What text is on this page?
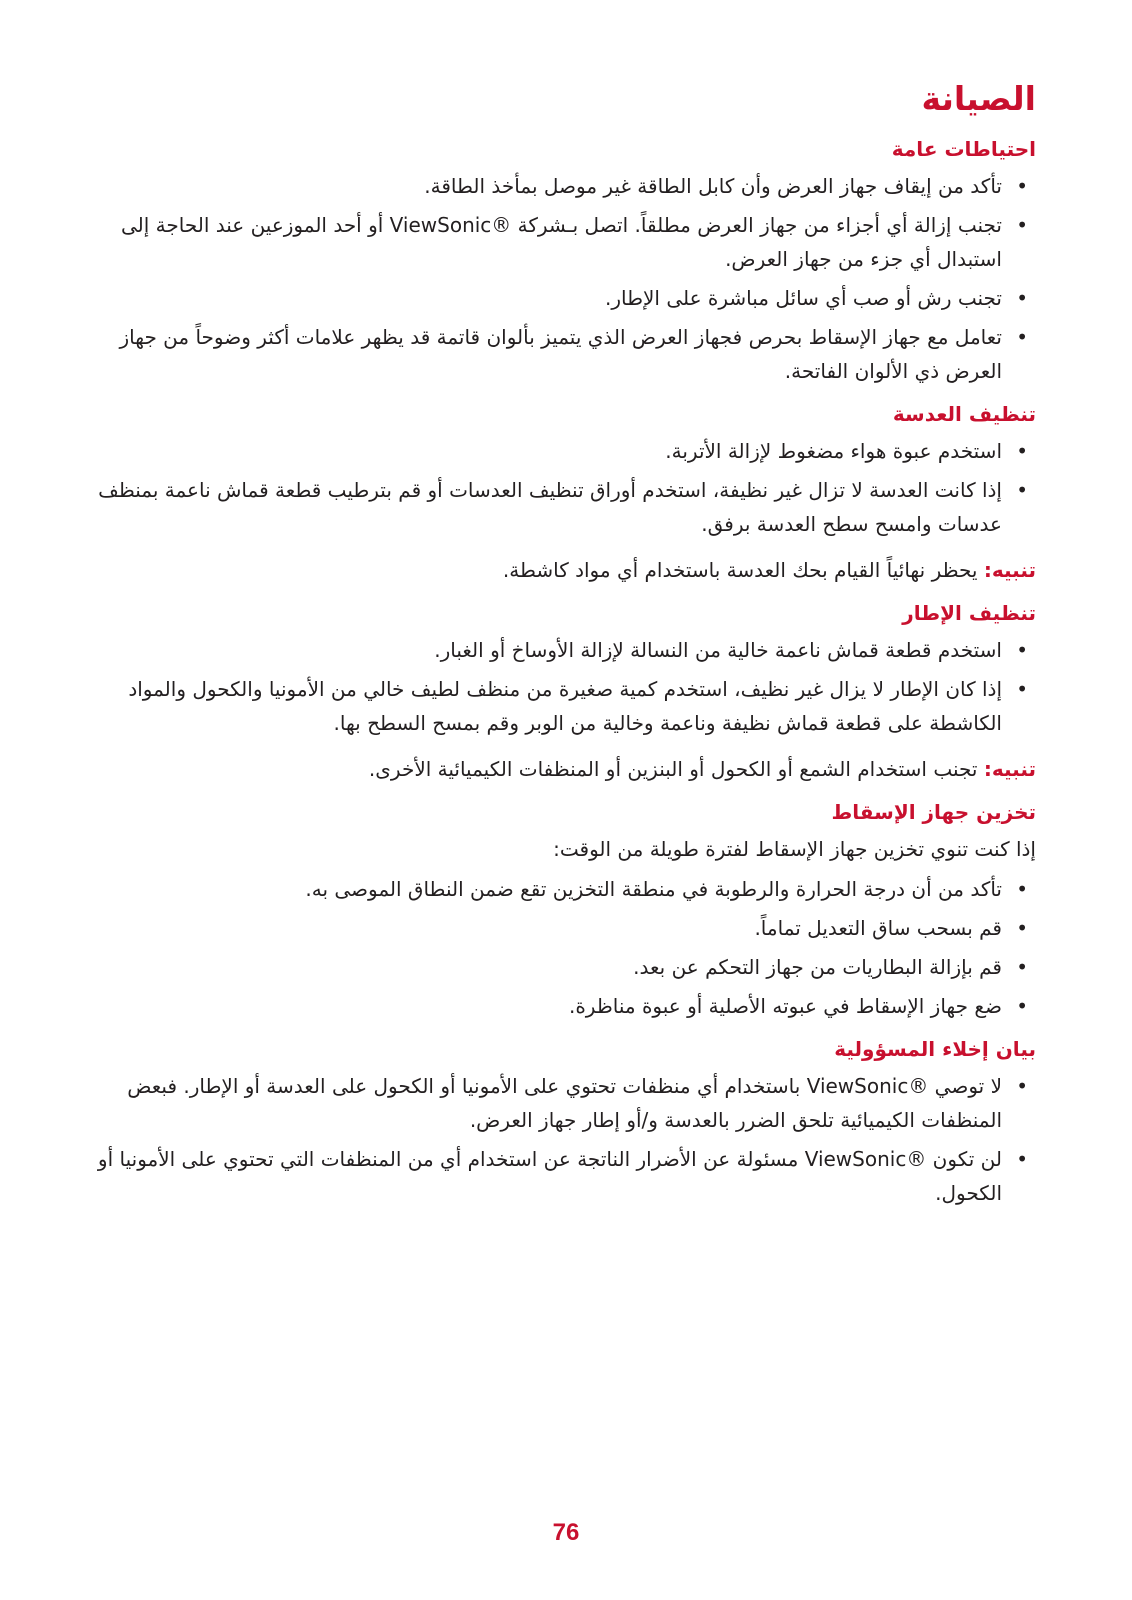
الصيانة
احتياطات عامة
• تأكد من إيقاف جهاز العرض وأن كابل الطاقة غير موصل بمأخذ الطاقة.
• تجنب إزالة أي أجزاء من جهاز العرض مطلقاً. اتصل بـشركة ®ViewSonic أو أحد الموزعين عند الحاجة إلى استبدال أي جزء من جهاز العرض.
• تجنب رش أو صب أي سائل مباشرة على الإطار.
• تعامل مع جهاز الإسقاط بحرص فجهاز العرض الذي يتميز بألوان قاتمة قد يظهر علامات أكثر وضوحاً من جهاز العرض ذي الألوان الفاتحة.
تنظيف العدسة
• استخدم عبوة هواء مضغوط لإزالة الأتربة.
• إذا كانت العدسة لا تزال غير نظيفة، استخدم أوراق تنظيف العدسات أو قم بترطيب قطعة قماش ناعمة بمنظف عدسات وامسح سطح العدسة برفق.
تنبيه: يحظر نهائياً القيام بحك العدسة باستخدام أي مواد كاشطة.
تنظيف الإطار
• استخدم قطعة قماش ناعمة خالية من النسالة لإزالة الأوساخ أو الغبار.
• إذا كان الإطار لا يزال غير نظيف، استخدم كمية صغيرة من منظف لطيف خالي من الأمونيا والكحول والمواد الكاشطة على قطعة قماش نظيفة وناعمة وخالية من الوبر وقم بمسح السطح بها.
تنبيه: تجنب استخدام الشمع أو الكحول أو البنزين أو المنظفات الكيميائية الأخرى.
تخزين جهاز الإسقاط
إذا كنت تنوي تخزين جهاز الإسقاط لفترة طويلة من الوقت:
• تأكد من أن درجة الحرارة والرطوبة في منطقة التخزين تقع ضمن النطاق الموصى به.
• قم بسحب ساق التعديل تماماً.
• قم بإزالة البطاريات من جهاز التحكم عن بعد.
• ضع جهاز الإسقاط في عبوته الأصلية أو عبوة مناظرة.
بيان إخلاء المسؤولية
• لا توصي ®ViewSonic باستخدام أي منظفات تحتوي على الأمونيا أو الكحول على العدسة أو الإطار. فبعض المنظفات الكيميائية تلحق الضرر بالعدسة و/أو إطار جهاز العرض.
• لن تكون ®ViewSonic مسئولة عن الأضرار الناتجة عن استخدام أي من المنظفات التي تحتوي على الأمونيا أو الكحول.
76
